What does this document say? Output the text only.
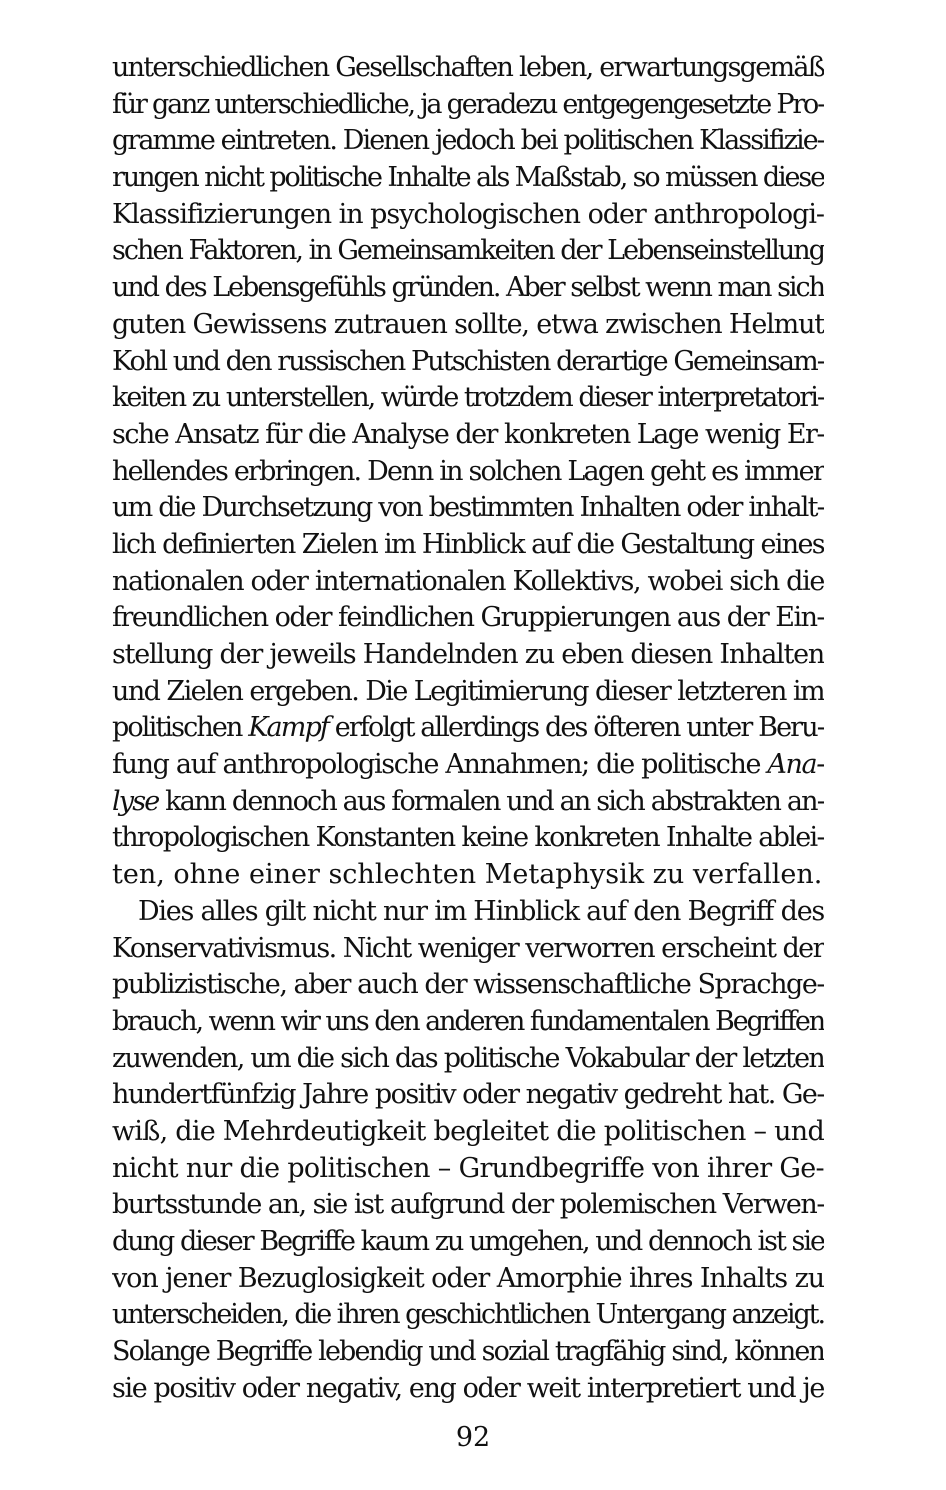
unterschiedlichen Gesellschaften leben, erwartungsgemäß
für ganz unterschiedliche, ja geradezu entgegengesetzte Pro-
gramme eintreten. Dienen jedoch bei politischen Klassifizie-
rungen nicht politische Inhalte als Maßstab, so müssen diese
Klassifizierungen in psychologischen oder anthropologi-
schen Faktoren, in Gemeinsamkeiten der Lebenseinstellung
und des Lebensgefühls gründen. Aber selbst wenn man sich
guten Gewissens zutrauen sollte, etwa zwischen Helmut
Kohl und den russischen Putschisten derartige Gemeinsam-
keiten zu unterstellen, würde trotzdem dieser interpretatori-
sche Ansatz für die Analyse der konkreten Lage wenig Er-
hellendes erbringen. Denn in solchen Lagen geht es immer
um die Durchsetzung von bestimmten Inhalten oder inhalt-
lich definierten Zielen im Hinblick auf die Gestaltung eines
nationalen oder internationalen Kollektivs, wobei sich die
freundlichen oder feindlichen Gruppierungen aus der Ein-
stellung der jeweils Handelnden zu eben diesen Inhalten
und Zielen ergeben. Die Legitimierung dieser letzteren im
politischen Kampf erfolgt allerdings des öfteren unter Beru-
fung auf anthropologische Annahmen; die politische Ana-
lyse kann dennoch aus formalen und an sich abstrakten an-
thropologischen Konstanten keine konkreten Inhalte ablei-
ten, ohne einer schlechten Metaphysik zu verfallen.
Dies alles gilt nicht nur im Hinblick auf den Begriff des
Konservativismus. Nicht weniger verworren erscheint der
publizistische, aber auch der wissenschaftliche Sprachge-
brauch, wenn wir uns den anderen fundamentalen Begriffen
zuwenden, um die sich das politische Vokabular der letzten
hundertfünfzig Jahre positiv oder negativ gedreht hat. Ge-
wiß, die Mehrdeutigkeit begleitet die politischen – und
nicht nur die politischen – Grundbegriffe von ihrer Ge-
burtsstunde an, sie ist aufgrund der polemischen Verwen-
dung dieser Begriffe kaum zu umgehen, und dennoch ist sie
von jener Bezuglosigkeit oder Amorphie ihres Inhalts zu
unterscheiden, die ihren geschichtlichen Untergang anzeigt.
Solange Begriffe lebendig und sozial tragfähig sind, können
sie positiv oder negativ, eng oder weit interpretiert und je
92
